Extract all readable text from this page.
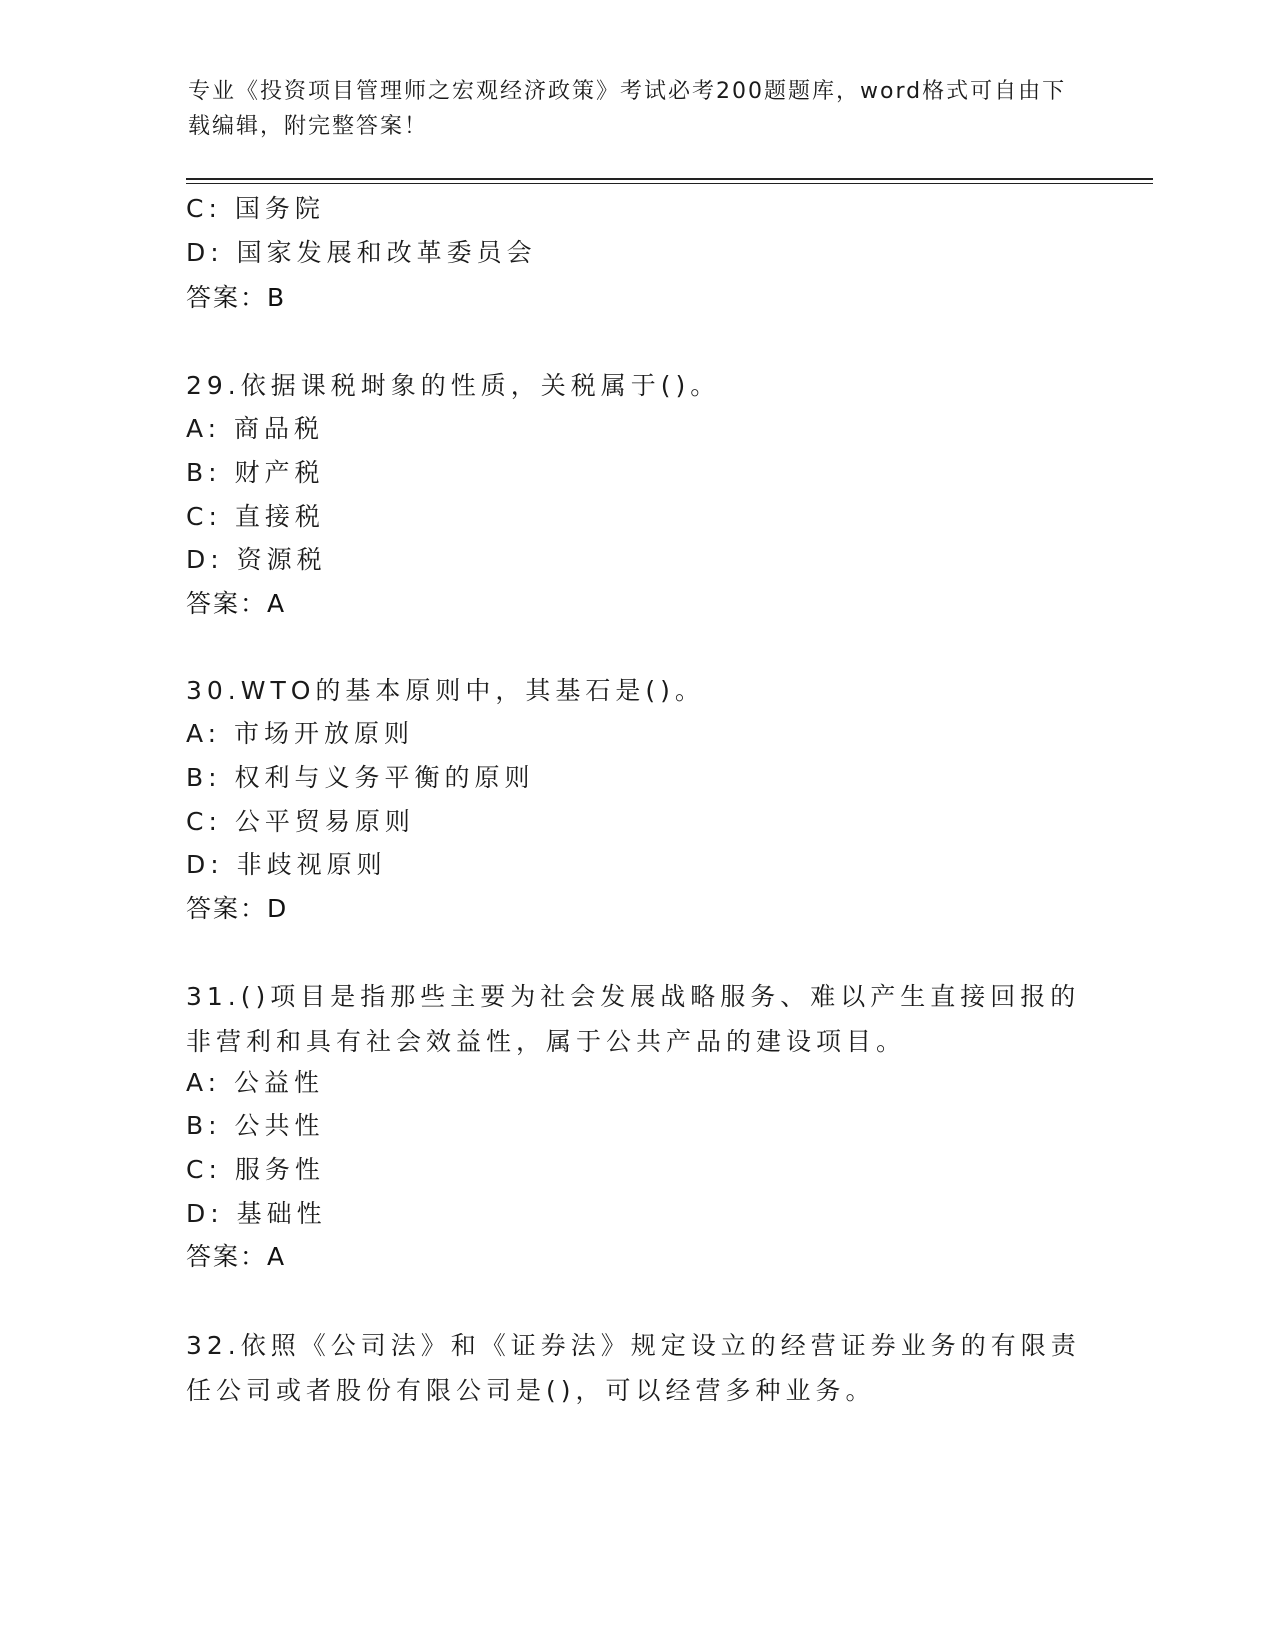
专业《投资项目管理师之宏观经济政策》考试必考200题题库，word格式可自由下载编辑，附完整答案！
C: 国务院
D: 国家发展和改革委员会
答案：B
29.依据课税埘象的性质，关税属于()。
A: 商品税
B: 财产税
C: 直接税
D: 资源税
答案：A
30.WTO的基本原则中，其基石是()。
A: 市场开放原则
B: 权利与义务平衡的原则
C: 公平贸易原则
D: 非歧视原则
答案：D
31.()项目是指那些主要为社会发展战略服务、难以产生直接回报的非营利和具有社会效益性，属于公共产品的建设项目。
A: 公益性
B: 公共性
C: 服务性
D: 基础性
答案：A
32.依照《公司法》和《证券法》规定设立的经营证券业务的有限责任公司或者股份有限公司是()，可以经营多种业务。
